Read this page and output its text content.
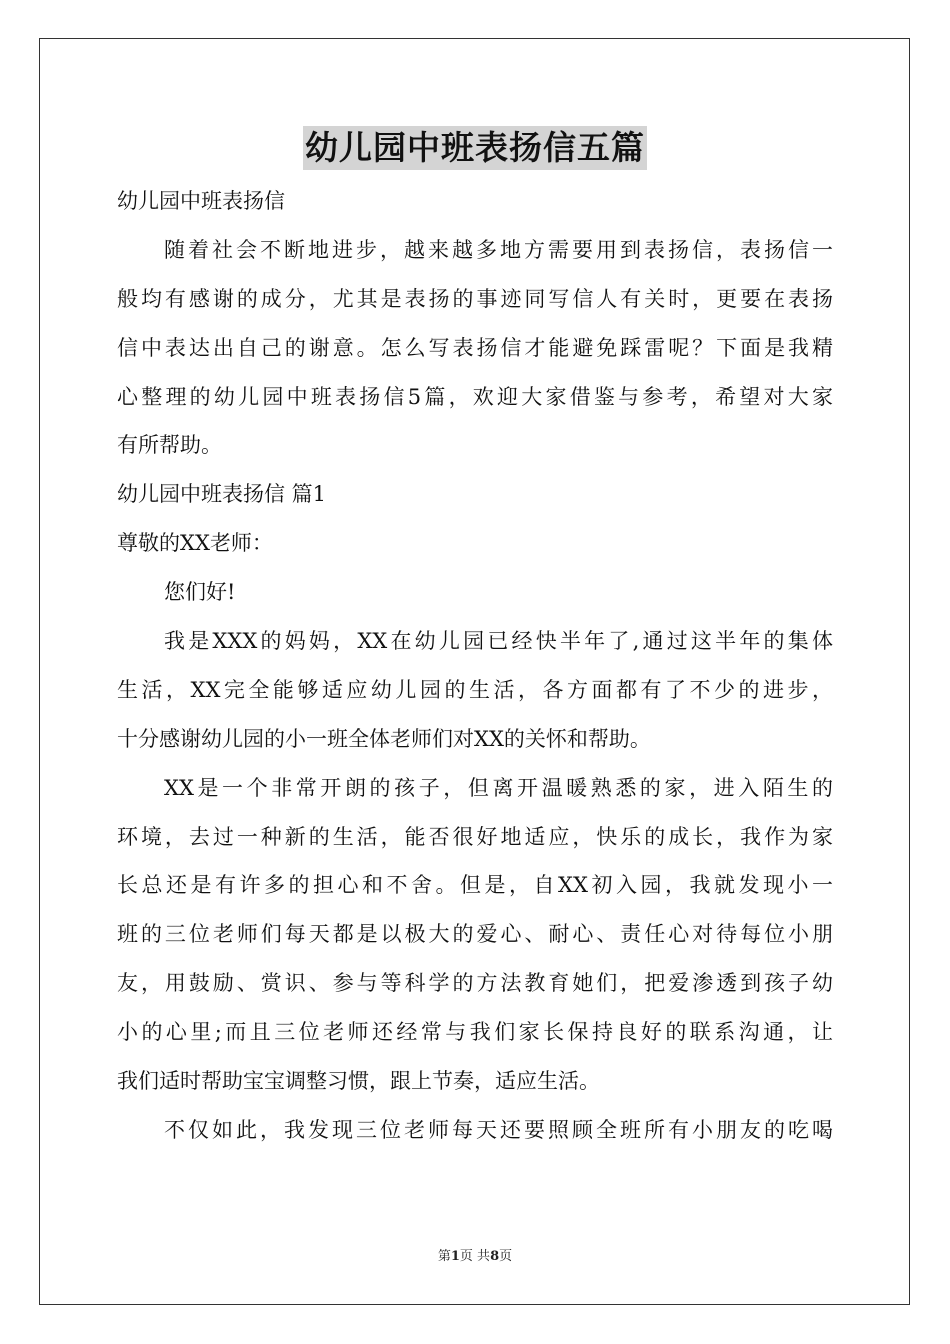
幼儿园中班表扬信五篇
幼儿园中班表扬信
随着社会不断地进步，越来越多地方需要用到表扬信，表扬信一
般均有感谢的成分，尤其是表扬的事迹同写信人有关时，更要在表扬
信中表达出自己的谢意。怎么写表扬信才能避免踩雷呢？下面是我精
心整理的幼儿园中班表扬信5篇，欢迎大家借鉴与参考，希望对大家
有所帮助。
幼儿园中班表扬信 篇1
尊敬的XX老师：
您们好!
我是XXX的妈妈，XX在幼儿园已经快半年了,通过这半年的集体
生活，XX完全能够适应幼儿园的生活，各方面都有了不少的进步，
十分感谢幼儿园的小一班全体老师们对XX的关怀和帮助。
XX是一个非常开朗的孩子，但离开温暖熟悉的家，进入陌生的
环境，去过一种新的生活，能否很好地适应，快乐的成长，我作为家
长总还是有许多的担心和不舍。但是，自XX初入园，我就发现小一
班的三位老师们每天都是以极大的爱心、耐心、责任心对待每位小朋
友，用鼓励、赏识、参与等科学的方法教育她们，把爱渗透到孩子幼
小的心里;而且三位老师还经常与我们家长保持良好的联系沟通，让
我们适时帮助宝宝调整习惯，跟上节奏，适应生活。
不仅如此，我发现三位老师每天还要照顾全班所有小朋友的吃喝
第1页 共8页
